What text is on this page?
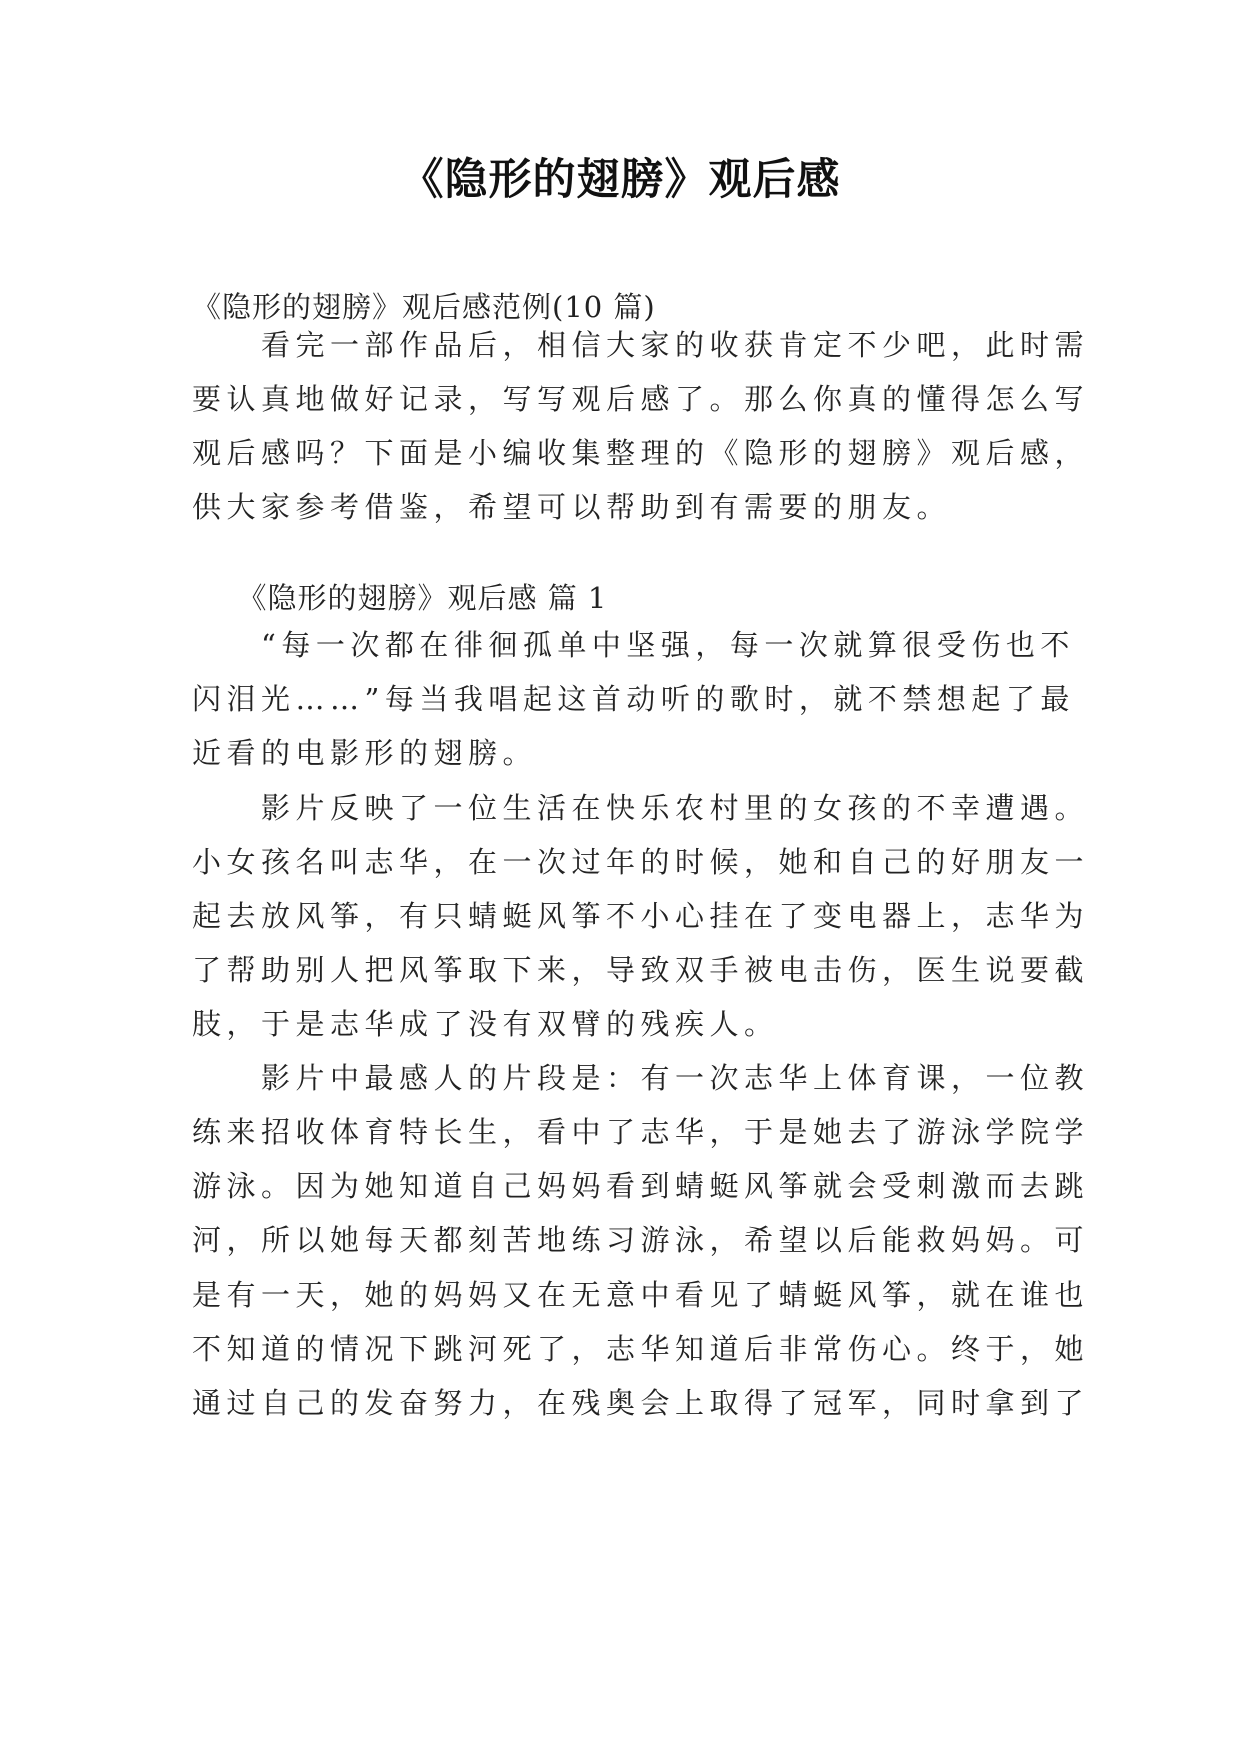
《隐形的翅膀》观后感
《隐形的翅膀》观后感范例(10 篇)
　　看完一部作品后，相信大家的收获肯定不少吧，此时需
要认真地做好记录，写写观后感了。那么你真的懂得怎么写
观后感吗？下面是小编收集整理的《隐形的翅膀》观后感，
供大家参考借鉴，希望可以帮助到有需要的朋友。
　　《隐形的翅膀》观后感 篇 1
　　“每一次都在徘徊孤单中坚强，每一次就算很受伤也不
闪泪光……”每当我唱起这首动听的歌时，就不禁想起了最
近看的电影形的翅膀。
　　影片反映了一位生活在快乐农村里的女孩的不幸遭遇。
小女孩名叫志华，在一次过年的时候，她和自己的好朋友一
起去放风筝，有只蜻蜓风筝不小心挂在了变电器上，志华为
了帮助别人把风筝取下来，导致双手被电击伤，医生说要截
肢，于是志华成了没有双臂的残疾人。
　　影片中最感人的片段是：有一次志华上体育课，一位教
练来招收体育特长生，看中了志华，于是她去了游泳学院学
游泳。因为她知道自己妈妈看到蜻蜓风筝就会受刺激而去跳
河，所以她每天都刻苦地练习游泳，希望以后能救妈妈。可
是有一天，她的妈妈又在无意中看见了蜻蜓风筝，就在谁也
不知道的情况下跳河死了，志华知道后非常伤心。终于，她
通过自己的发奋努力，在残奥会上取得了冠军，同时拿到了
